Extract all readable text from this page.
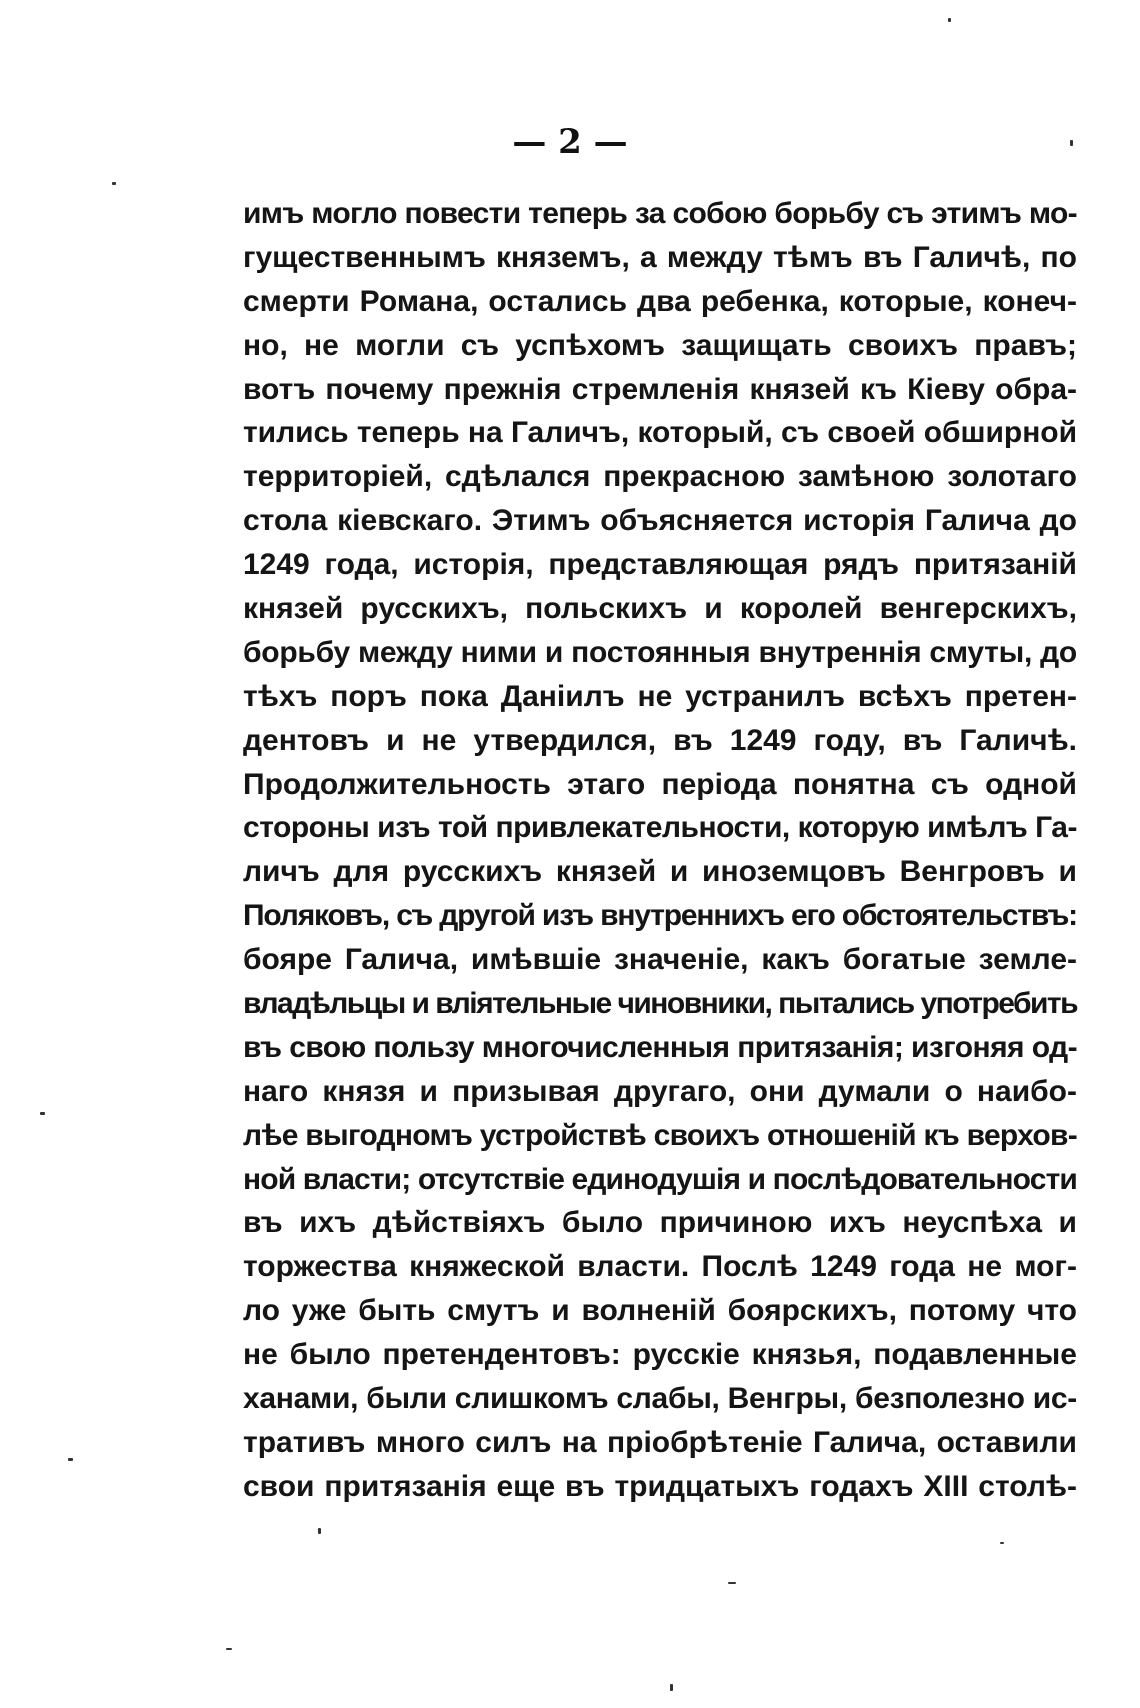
— 2 —
имъ могло повести теперь за собою борьбу съ этимъ мо-
гущественнымъ княземъ, а между тѣмъ въ Галичѣ, по
смерти Романа, остались два ребенка, которые, конеч-
но, не могли съ успѣхомъ защищать своихъ правъ;
вотъ почему прежнія стремленія князей къ Кіеву обра-
тились теперь на Галичъ, который, съ своей обширной
территоріей, сдѣлался прекрасною замѣною золотаго
стола кіевскаго. Этимъ объясняется исторія Галича до
1249 года, исторія, представляющая рядъ притязаній
князей русскихъ, польскихъ и королей венгерскихъ,
борьбу между ними и постоянныя внутреннія смуты, до
тѣхъ поръ пока Даніилъ не устранилъ всѣхъ претен-
дентовъ и не утвердился, въ 1249 году, въ Галичѣ.
Продолжительность этаго періода понятна съ одной
стороны изъ той привлекательности, которую имѣлъ Га-
личъ для русскихъ князей и иноземцовъ Венгровъ и
Поляковъ, съ другой изъ внутреннихъ его обстоятельствъ:
бояре Галича, имѣвшіе значеніе, какъ богатые земле-
владѣльцы и вліятельные чиновники, пытались употребить
въ свою пользу многочисленныя притязанія; изгоняя од-
наго князя и призывая другаго, они думали о наибо-
лѣе выгодномъ устройствѣ своихъ отношеній къ верхов-
ной власти; отсутствіе единодушія и послѣдовательности
въ ихъ дѣйствіяхъ было причиною ихъ неуспѣха и
торжества княжеской власти. Послѣ 1249 года не мог-
ло уже быть смутъ и волненій боярскихъ, потому что
не было претендентовъ: русскіе князья, подавленные
ханами, были слишкомъ слабы, Венгры, безполезно ис-
тративъ много силъ на пріобрѣтеніе Галича, оставили
свои притязанія еще въ тридцатыхъ годахъ XIII столѣ-
